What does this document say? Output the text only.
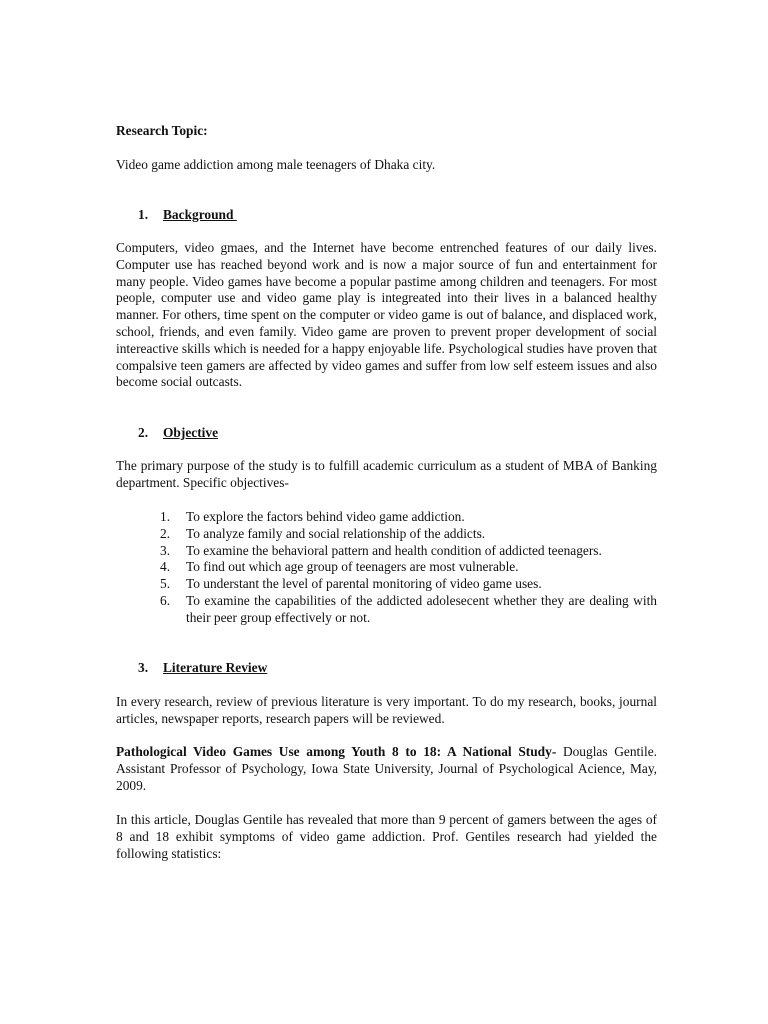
Research Topic:

Video game addiction among male teenagers of Dhaka city.

1. Background

Computers, video gmaes, and the Internet have become entrenched features of our daily lives. Computer use has reached beyond work and is now a major source of fun and entertainment for many people. Video games have become a popular pastime among children and teenagers. For most people, computer use and video game play is integreated into their lives in a balanced healthy manner. For others, time spent on the computer or video game is out of balance, and displaced work, school, friends, and even family. Video game are proven to prevent proper development of social intereactive skills which is needed for a happy enjoyable life. Psychological studies have proven that compalsive teen gamers are affected by video games and suffer from low self esteem issues and also become social outcasts.

2. Objective

The primary purpose of the study is to fulfill academic curriculum as a student of MBA of Banking department. Specific objectives-

1. To explore the factors behind video game addiction.
2. To analyze family and social relationship of the addicts.
3. To examine the behavioral pattern and health condition of addicted teenagers.
4. To find out which age group of teenagers are most vulnerable.
5. To understant the level of parental monitoring of video game uses.
6. To examine the capabilities of the addicted adolesecent whether they are dealing with their peer group effectively or not.
3. Literature Review

In every research, review of previous literature is very important. To do my research, books, journal articles, newspaper reports, research papers will be reviewed.

Pathological Video Games Use among Youth 8 to 18: A National Study- Douglas Gentile. Assistant Professor of Psychology, Iowa State University, Journal of Psychological Acience, May, 2009.

In this article, Douglas Gentile has revealed that more than 9 percent of gamers between the ages of 8 and 18 exhibit symptoms of video game addiction. Prof. Gentiles research had yielded the following statistics:
